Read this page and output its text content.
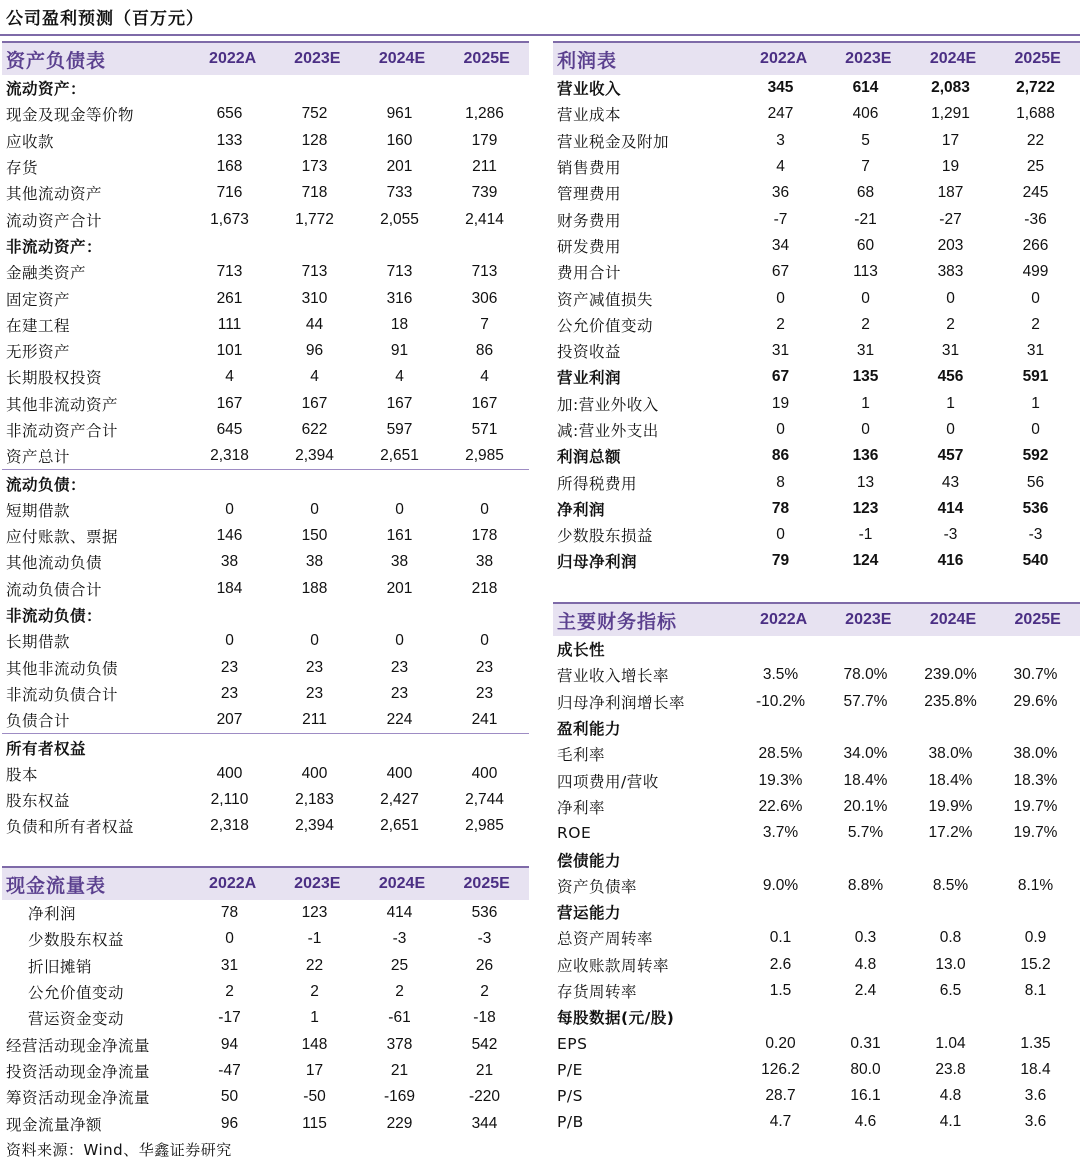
公司盈利预测（百万元）
资产负债表	2022A	2023E	2024E	2025E
流动资产：
现金及现金等价物	656	752	961	1,286
应收款	133	128	160	179
存货	168	173	201	211
其他流动资产	716	718	733	739
流动资产合计	1,673	1,772	2,055	2,414
非流动资产：
金融类资产	713	713	713	713
固定资产	261	310	316	306
在建工程	111	44	18	7
无形资产	101	96	91	86
长期股权投资	4	4	4	4
其他非流动资产	167	167	167	167
非流动资产合计	645	622	597	571
资产总计	2,318	2,394	2,651	2,985
流动负债：
短期借款	0	0	0	0
应付账款、票据	146	150	161	178
其他流动负债	38	38	38	38
流动负债合计	184	188	201	218
非流动负债：
长期借款	0	0	0	0
其他非流动负债	23	23	23	23
非流动负债合计	23	23	23	23
负债合计	207	211	224	241
所有者权益
股本	400	400	400	400
股东权益	2,110	2,183	2,427	2,744
负债和所有者权益	2,318	2,394	2,651	2,985
现金流量表	2022A	2023E	2024E	2025E
净利润	78	123	414	536
少数股东权益	0	-1	-3	-3
折旧摊销	31	22	25	26
公允价值变动	2	2	2	2
营运资金变动	-17	1	-61	-18
经营活动现金净流量	94	148	378	542
投资活动现金净流量	-47	17	21	21
筹资活动现金净流量	50	-50	-169	-220
现金流量净额	96	115	229	344
利润表	2022A	2023E	2024E	2025E
营业收入	345	614	2,083	2,722
营业成本	247	406	1,291	1,688
营业税金及附加	3	5	17	22
销售费用	4	7	19	25
管理费用	36	68	187	245
财务费用	-7	-21	-27	-36
研发费用	34	60	203	266
费用合计	67	113	383	499
资产减值损失	0	0	0	0
公允价值变动	2	2	2	2
投资收益	31	31	31	31
营业利润	67	135	456	591
加:营业外收入	19	1	1	1
减:营业外支出	0	0	0	0
利润总额	86	136	457	592
所得税费用	8	13	43	56
净利润	78	123	414	536
少数股东损益	0	-1	-3	-3
归母净利润	79	124	416	540
主要财务指标	2022A	2023E	2024E	2025E
成长性
营业收入增长率	3.5%	78.0%	239.0%	30.7%
归母净利润增长率	-10.2%	57.7%	235.8%	29.6%
盈利能力
毛利率	28.5%	34.0%	38.0%	38.0%
四项费用/营收	19.3%	18.4%	18.4%	18.3%
净利率	22.6%	20.1%	19.9%	19.7%
ROE	3.7%	5.7%	17.2%	19.7%
偿债能力
资产负债率	9.0%	8.8%	8.5%	8.1%
营运能力
总资产周转率	0.1	0.3	0.8	0.9
应收账款周转率	2.6	4.8	13.0	15.2
存货周转率	1.5	2.4	6.5	8.1
每股数据(元/股)
EPS	0.20	0.31	1.04	1.35
P/E	126.2	80.0	23.8	18.4
P/S	28.7	16.1	4.8	3.6
P/B	4.7	4.6	4.1	3.6
资料来源：Wind、华鑫证券研究
